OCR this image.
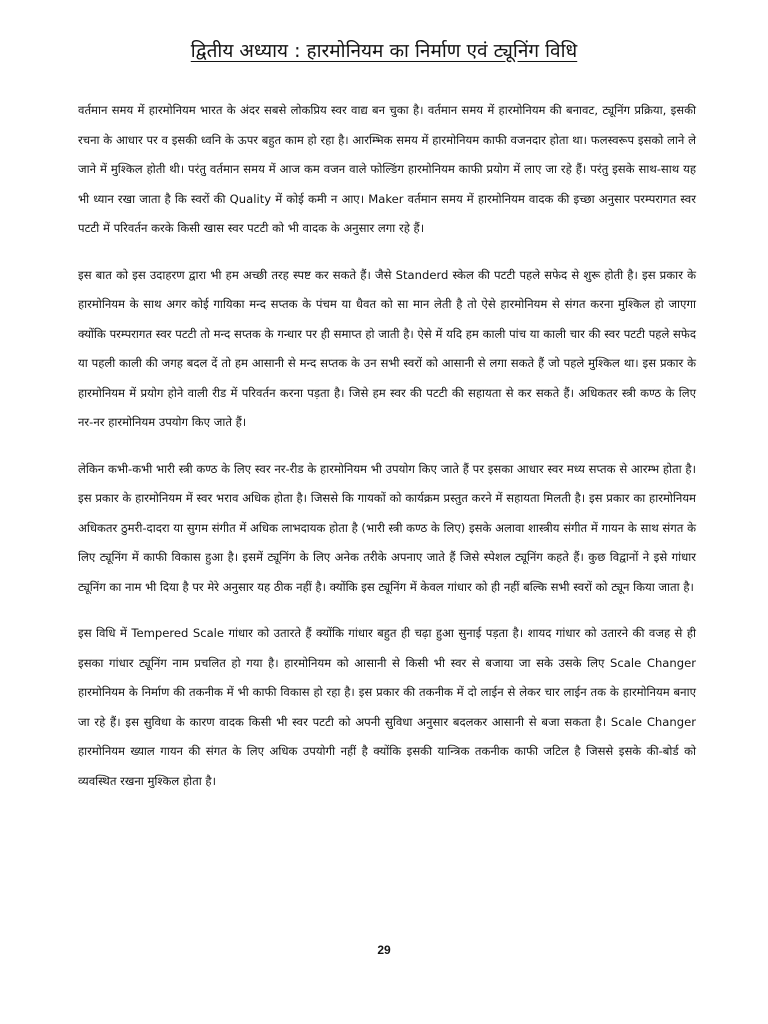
द्वितीय अध्याय : हारमोनियम का निर्माण एवं ट्यूनिंग विधि

वर्तमान समय में हारमोनियम भारत के अंदर सबसे लोकप्रिय स्वर वाद्य बन चुका है। वर्तमान समय में हारमोनियम की बनावट, ट्यूनिंग प्रक्रिया, इसकी रचना के आधार पर व इसकी ध्वनि के ऊपर बहुत काम हो रहा है। आरम्भिक समय में हारमोनियम काफी वजनदार होता था। फलस्वरूप इसको लाने ले जाने में मुश्किल होती थी। परंतु वर्तमान समय में आज कम वजन वाले फोल्डिंग हारमोनियम काफी प्रयोग में लाए जा रहे हैं। परंतु इसके साथ-साथ यह भी ध्यान रखा जाता है कि स्वरों की Quality में कोई कमी न आए। Maker वर्तमान समय में हारमोनियम वादक की इच्छा अनुसार परम्परागत स्वर पटटी में परिवर्तन करके किसी खास स्वर पटटी को भी वादक के अनुसार लगा रहे हैं।

इस बात को इस उदाहरण द्वारा भी हम अच्छी तरह स्पष्ट कर सकते हैं। जैसे Standerd स्केल की पटटी पहले सफेद से शुरू होती है। इस प्रकार के हारमोनियम के साथ अगर कोई गायिका मन्द सप्तक के पंचम या धैवत को सा मान लेती है तो ऐसे हारमोनियम से संगत करना मुश्किल हो जाएगा क्योंकि परम्परागत स्वर पटटी तो मन्द सप्तक के गन्धार पर ही समाप्त हो जाती है। ऐसे में यदि हम काली पांच या काली चार की स्वर पटटी पहले सफेद या पहली काली की जगह बदल दें तो हम आसानी से मन्द सप्तक के उन सभी स्वरों को आसानी से लगा सकते हैं जो पहले मुश्किल था। इस प्रकार के हारमोनियम में प्रयोग होने वाली रीड में परिवर्तन करना पड़ता है। जिसे हम स्वर की पटटी की सहायता से कर सकते हैं। अधिकतर स्त्री कण्ठ के लिए नर-नर हारमोनियम उपयोग किए जाते हैं।

लेकिन कभी-कभी भारी स्त्री कण्ठ के लिए स्वर नर-रीड के हारमोनियम भी उपयोग किए जाते हैं पर इसका आधार स्वर मध्य सप्तक से आरम्भ होता है। इस प्रकार के हारमोनियम में स्वर भराव अधिक होता है। जिससे कि गायकों को कार्यक्रम प्रस्तुत करने में सहायता मिलती है। इस प्रकार का हारमोनियम अधिकतर ठुमरी-दादरा या सुगम संगीत में अधिक लाभदायक होता है (भारी स्त्री कण्ठ के लिए) इसके अलावा शास्त्रीय संगीत में गायन के साथ संगत के लिए ट्यूनिंग में काफी विकास हुआ है। इसमें ट्यूनिंग के लिए अनेक तरीके अपनाए जाते हैं जिसे स्पेशल ट्यूनिंग कहते हैं। कुछ विद्वानों ने इसे गांधार ट्यूनिंग का नाम भी दिया है पर मेरे अनुसार यह ठीक नहीं है। क्योंकि इस ट्यूनिंग में केवल गांधार को ही नहीं बल्कि सभी स्वरों को ट्यून किया जाता है।

इस विधि में Tempered Scale गांधार को उतारते हैं क्योंकि गांधार बहुत ही चढ़ा हुआ सुनाई पड़ता है। शायद गांधार को उतारने की वजह से ही इसका गांधार ट्यूनिंग नाम प्रचलित हो गया है। हारमोनियम को आसानी से किसी भी स्वर से बजाया जा सके उसके लिए Scale Changer हारमोनियम के निर्माण की तकनीक में भी काफी विकास हो रहा है। इस प्रकार की तकनीक में दो लाईन से लेकर चार लाईन तक के हारमोनियम बनाए जा रहे हैं। इस सुविधा के कारण वादक किसी भी स्वर पटटी को अपनी सुविधा अनुसार बदलकर आसानी से बजा सकता है। Scale Changer हारमोनियम ख्याल गायन की संगत के लिए अधिक उपयोगी नहीं है क्योंकि इसकी यान्त्रिक तकनीक काफी जटिल है जिससे इसके की-बोर्ड को व्यवस्थित रखना मुश्किल होता है।

29
